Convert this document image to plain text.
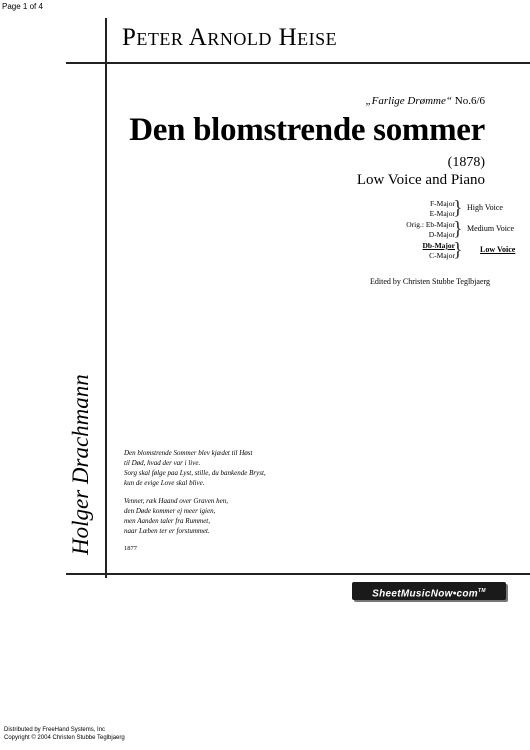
Page 1 of 4
Peter Arnold Heise
„Farlige Drømme“ No.6/6
Den blomstrende sommer
(1878)
Low Voice and Piano
F-Major
E-Major
} High Voice
Orig.: Eb-Major
D-Major
} Medium Voice
Db-Major
C-Major
} Low Voice
Edited by Christen Stubbe Teglbjaerg
Holger Drachmann	Den blomstrende Sommer blev kjædet til Høst
til Død, hvad der var i live.
Sorg skal følge paa Lyst, stille, du bankende Bryst,
kun de evige Love skal blive.
Venner, ræk Haand over Graven hen,
den Døde kommer ej meer igien,
men Aanden taler fra Rummet,
naar Læben ter er forstummet.
1877
SheetMusicNow•com™
Distributed by FreeHand Systems, Inc
Copyright © 2004 Christen Stubbe Teglbjaerg
